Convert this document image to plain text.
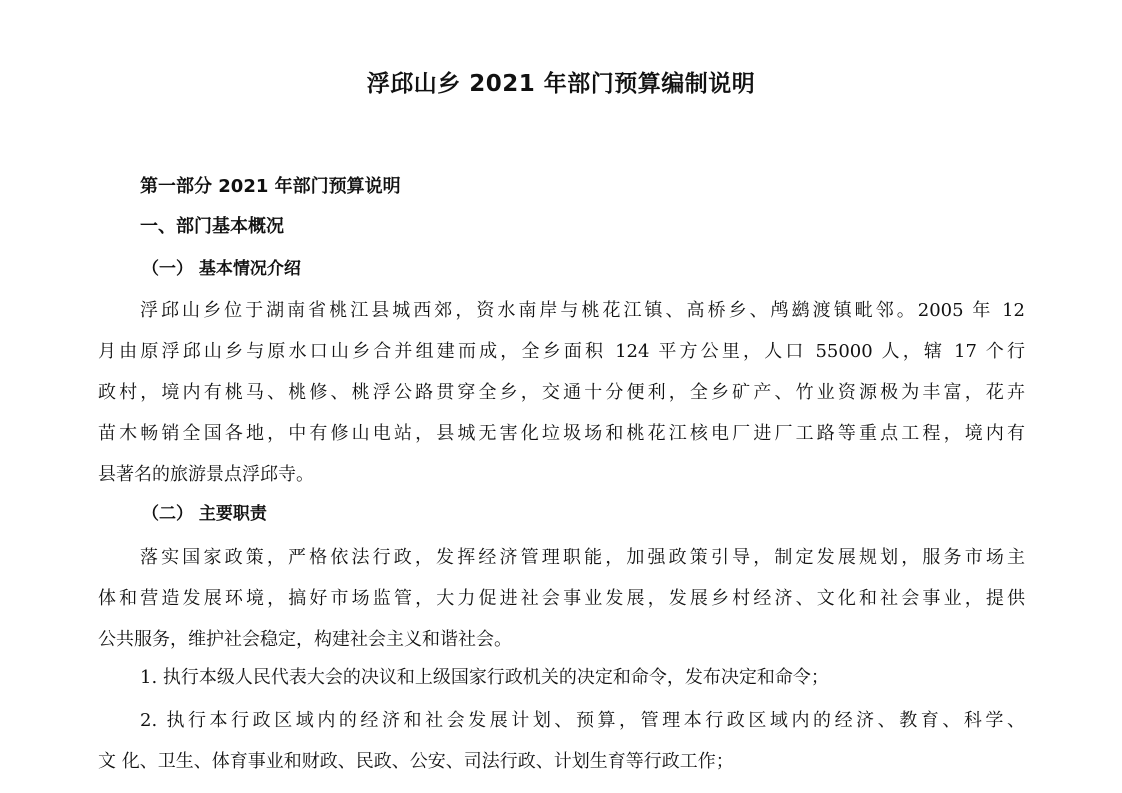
浮邱山乡 2021 年部门预算编制说明

第一部分 2021 年部门预算说明

一、部门基本概况

（一） 基本情况介绍

浮邱山乡位于湖南省桃江县城西郊，资水南岸与桃花江镇、高桥乡、鸬鹚渡镇毗邻。2005 年 12
月由原浮邱山乡与原水口山乡合并组建而成，全乡面积 124 平方公里，人口 55000 人，辖 17 个行
政村，境内有桃马、桃修、桃浮公路贯穿全乡，交通十分便利，全乡矿产、竹业资源极为丰富，花卉
苗木畅销全国各地，中有修山电站，县城无害化垃圾场和桃花江核电厂进厂工路等重点工程，境内有
县著名的旅游景点浮邱寺。

（二） 主要职责

落实国家政策，严格依法行政，发挥经济管理职能，加强政策引导，制定发展规划，服务市场主
体和营造发展环境，搞好市场监管，大力促进社会事业发展，发展乡村经济、文化和社会事业，提供
公共服务，维护社会稳定，构建社会主义和谐社会。

1. 执行本级人民代表大会的决议和上级国家行政机关的决定和命令，发布决定和命令；

2. 执行本行政区域内的经济和社会发展计划、预算，管理本行政区域内的经济、教育、科学、
文 化、卫生、体育事业和财政、民政、公安、司法行政、计划生育等行政工作；
